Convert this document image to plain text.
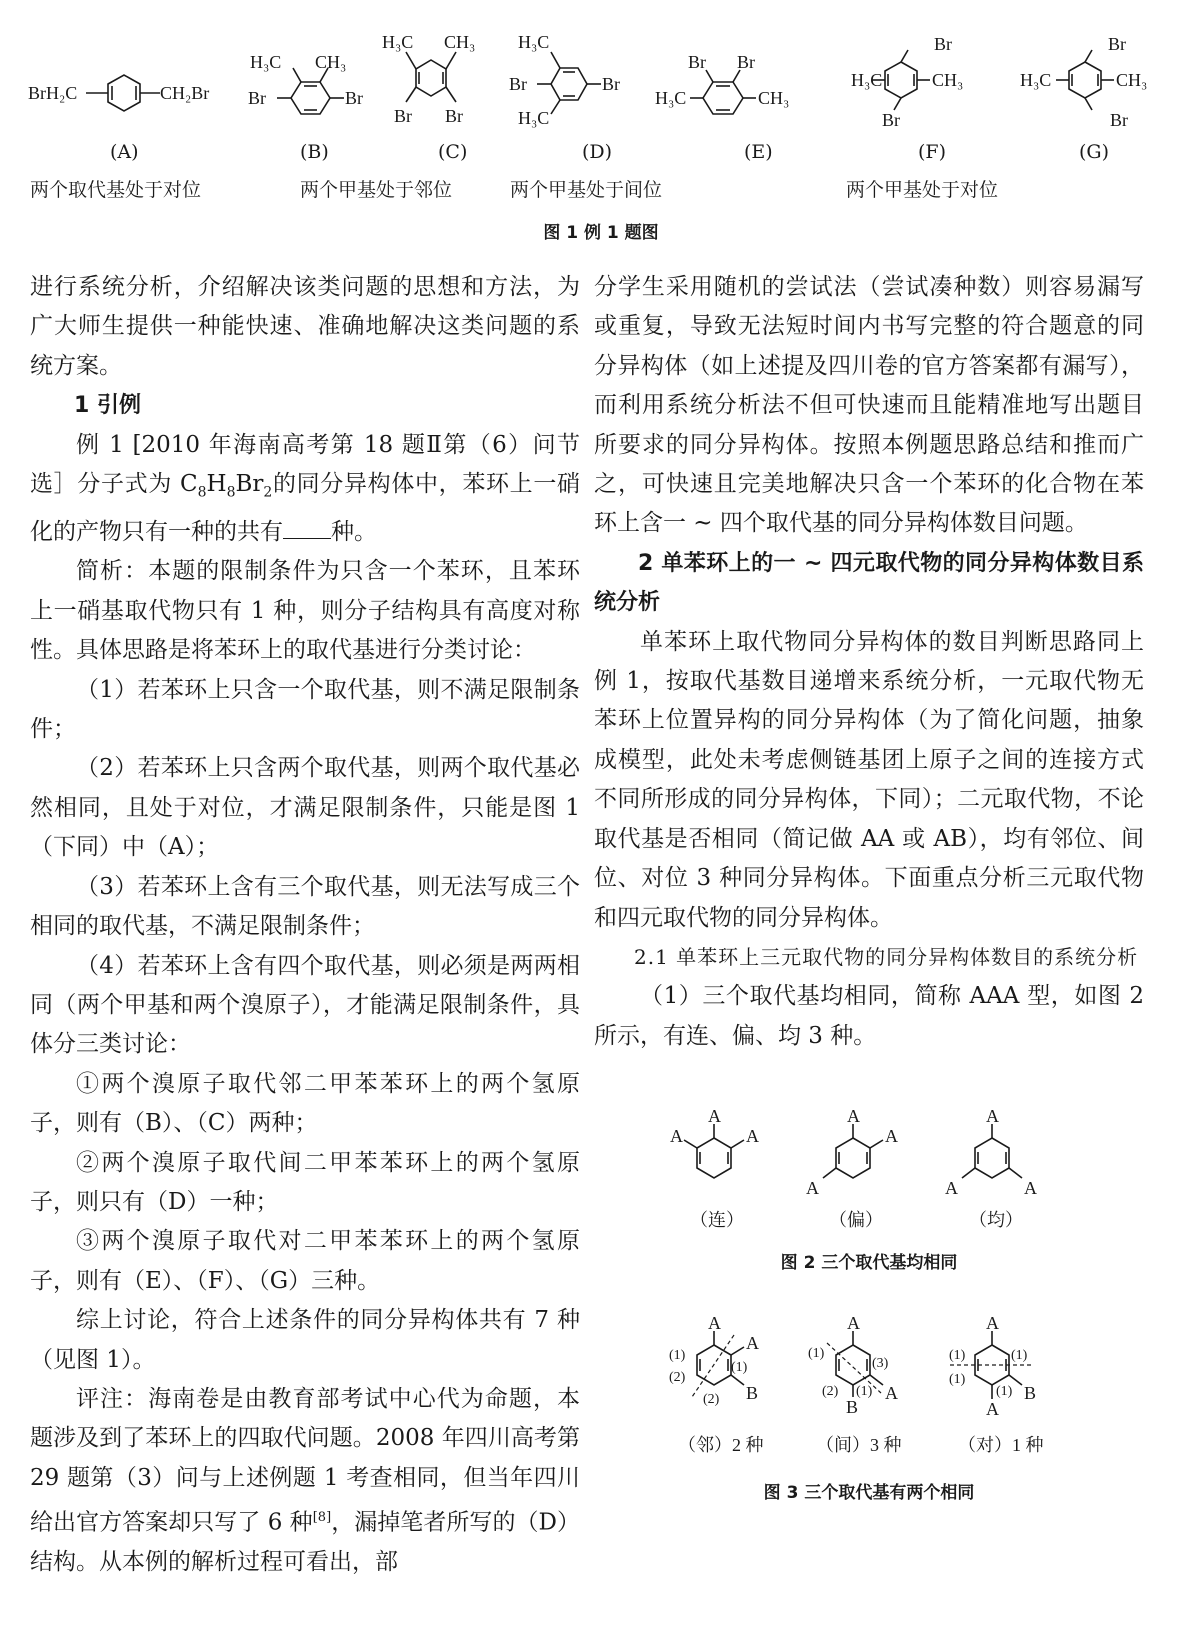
BrH₂C	CH₂Br
H₃C CH₃
Br	Br
H₃C CH₃
Br Br
H₃C
Br	Br
H₃C
Br Br
H₃C	CH₃
Br
H₃C	CH₃
Br
Br
H₃C	CH₃
Br
(A)	(B)	(C)	(D)	(E)	(F)	(G)
两个取代基处于对位	两个甲基处于邻位	两个甲基处于间位	两个甲基处于对位
图 1 例 1 题图

进行系统分析，介绍解决该类问题的思想和方法，为广大师生提供一种能快速、准确地解决这类问题的系统方案。

1 引例

例 1 [2010 年海南高考第 18 题Ⅱ第（6）问节选］分子式为 $C_8H_8Br_2$的同分异构体中，苯环上一硝化的产物只有一种的共有 种。

简析：本题的限制条件为只含一个苯环，且苯环上一硝基取代物只有 1 种，则分子结构具有高度对称性。具体思路是将苯环上的取代基进行分类讨论：

（1）若苯环上只含一个取代基，则不满足限制条件；

（2）若苯环上只含两个取代基，则两个取代基必然相同，且处于对位，才满足限制条件，只能是图 1（下同）中（A）；

（3）若苯环上含有三个取代基，则无法写成三个相同的取代基，不满足限制条件；

（4）若苯环上含有四个取代基，则必须是两两相同（两个甲基和两个溴原子），才能满足限制条件，具体分三类讨论：

①两个溴原子取代邻二甲苯苯环上的两个氢原子，则有（B）、（C）两种；

②两个溴原子取代间二甲苯苯环上的两个氢原子，则只有（D）一种；

③两个溴原子取代对二甲苯苯环上的两个氢原子，则有（E）、（F）、（G）三种。

综上讨论，符合上述条件的同分异构体共有 7 种（见图 1）。

评注：海南卷是由教育部考试中心代为命题，本题涉及到了苯环上的四取代问题。2008 年四川高考第 29 题第（3）问与上述例题 1 考查相同，但当年四川给出官方答案却只写了 6 种[8]，漏掉笔者所写的（D）结构。从本例的解析过程可看出，部

分学生采用随机的尝试法（尝试凑种数）则容易漏写或重复，导致无法短时间内书写完整的符合题意的同分异构体（如上述提及四川卷的官方答案都有漏写），而利用系统分析法不但可快速而且能精准地写出题目所要求的同分异构体。按照本例题思路总结和推而广之，可快速且完美地解决只含一个苯环的化合物在苯环上含一 ~ 四个取代基的同分异构体数目问题。

2 单苯环上的一 ~ 四元取代物的同分异构体数目系统分析

单苯环上取代物同分异构体的数目判断思路同上例 1，按取代基数目递增来系统分析，一元取代物无苯环上位置异构的同分异构体（为了简化问题，抽象成模型，此处未考虑侧链基团上原子之间的连接方式不同所形成的同分异构体，下同）；二元取代物，不论取代基是否相同（简记做 AA 或 AB），均有邻位、间位、对位 3 种同分异构体。下面重点分析三元取代物和四元取代物的同分异构体。

2.1 单苯环上三元取代物的同分异构体数目的系统分析

（1）三个取代基均相同，简称 AAA 型，如图 2 所示，有连、偏、均 3 种。

A
A	A
A
A
A
A
A	A
（连）	（偏）	（均）
图 2 三个取代基均相同
A
A
B
(1)
(2)
(1)
(2)
A
A
B
(1)
(3)
(2) (1)
A
A
B
(1)
(1)
(1)
(1)
（邻）2 种	（间）3 种	（对）1 种
图 3 三个取代基有两个相同
